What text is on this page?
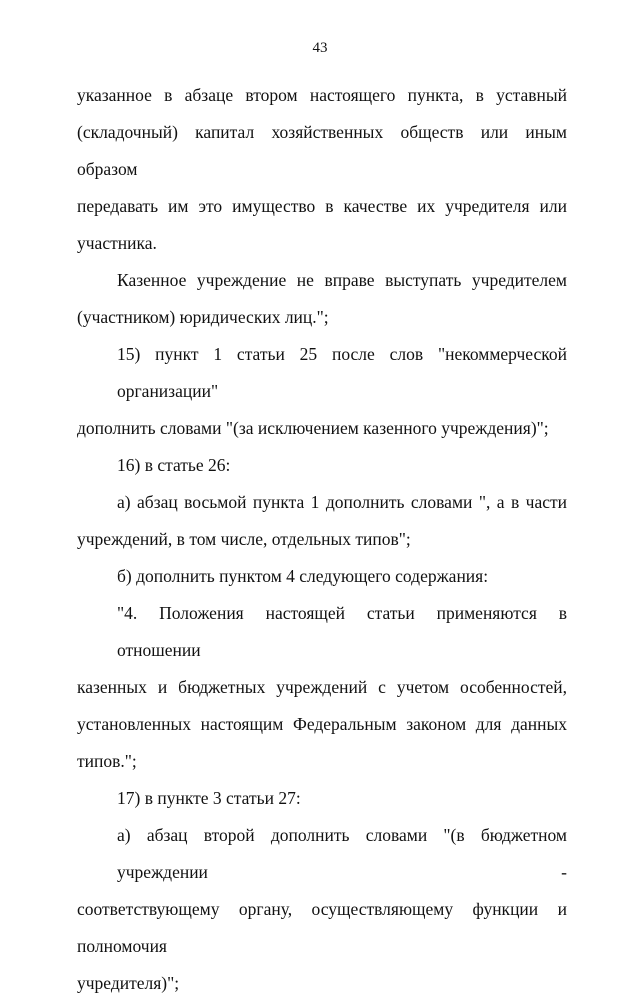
43

указанное в абзаце втором настоящего пункта, в уставный
(складочный) капитал хозяйственных обществ или иным образом
передавать им это имущество в качестве их учредителя или
участника.

Казенное учреждение не вправе выступать учредителем
(участником) юридических лиц.";

15) пункт 1 статьи 25 после слов "некоммерческой организации"
дополнить словами "(за исключением казенного учреждения)";

16) в статье 26:

а) абзац восьмой пункта 1 дополнить словами ", а в части
учреждений, в том числе, отдельных типов";

б) дополнить пунктом 4 следующего содержания:

"4. Положения настоящей статьи применяются в отношении
казенных и бюджетных учреждений с учетом особенностей,
установленных настоящим Федеральным законом для данных
типов.";

17) в пункте 3 статьи 27:

а) абзац второй дополнить словами "(в бюджетном учреждении -
соответствующему органу, осуществляющему функции и полномочия
учредителя)";
